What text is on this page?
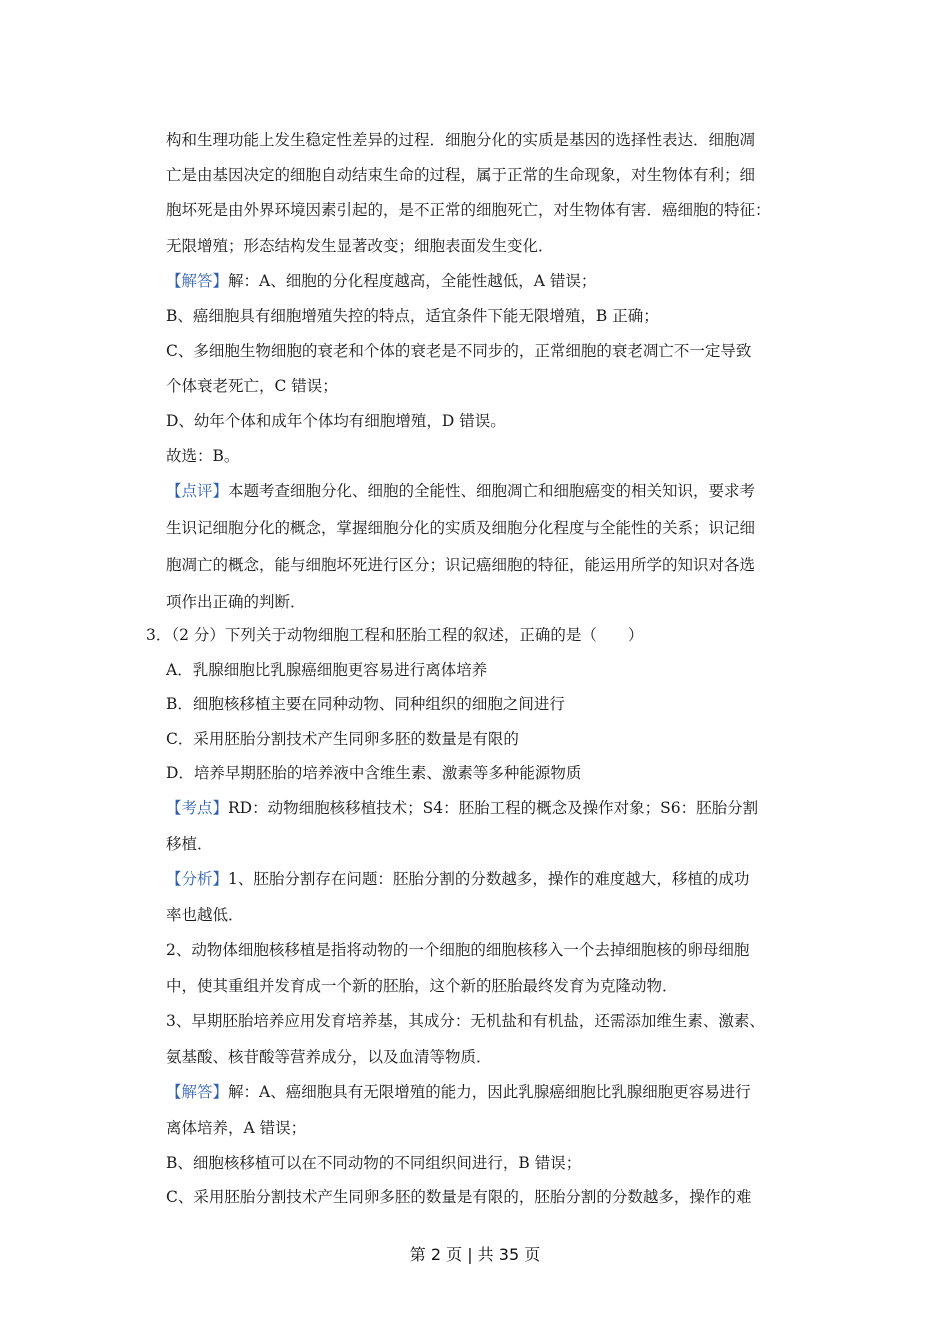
构和生理功能上发生稳定性差异的过程．细胞分化的实质是基因的选择性表达．细胞凋
亡是由基因决定的细胞自动结束生命的过程，属于正常的生命现象，对生物体有利；细
胞坏死是由外界环境因素引起的，是不正常的细胞死亡，对生物体有害．癌细胞的特征：
无限增殖；形态结构发生显著改变；细胞表面发生变化．
【解答】解：A、细胞的分化程度越高，全能性越低，A 错误；
B、癌细胞具有细胞增殖失控的特点，适宜条件下能无限增殖，B 正确；
C、多细胞生物细胞的衰老和个体的衰老是不同步的，正常细胞的衰老凋亡不一定导致
个体衰老死亡，C 错误；
D、幼年个体和成年个体均有细胞增殖，D 错误。
故选：B。
【点评】本题考查细胞分化、细胞的全能性、细胞凋亡和细胞癌变的相关知识，要求考
生识记细胞分化的概念，掌握细胞分化的实质及细胞分化程度与全能性的关系；识记细
胞凋亡的概念，能与细胞坏死进行区分；识记癌细胞的特征，能运用所学的知识对各选
项作出正确的判断．
3．（2 分）下列关于动物细胞工程和胚胎工程的叙述，正确的是（　　）
A．乳腺细胞比乳腺癌细胞更容易进行离体培养
B．细胞核移植主要在同种动物、同种组织的细胞之间进行
C．采用胚胎分割技术产生同卵多胚的数量是有限的
D．培养早期胚胎的培养液中含维生素、激素等多种能源物质
【考点】RD：动物细胞核移植技术；S4：胚胎工程的概念及操作对象；S6：胚胎分割
移植．
【分析】1、胚胎分割存在问题：胚胎分割的分数越多，操作的难度越大，移植的成功
率也越低．
2、动物体细胞核移植是指将动物的一个细胞的细胞核移入一个去掉细胞核的卵母细胞
中，使其重组并发育成一个新的胚胎，这个新的胚胎最终发育为克隆动物．
3、早期胚胎培养应用发育培养基，其成分：无机盐和有机盐，还需添加维生素、激素、
氨基酸、核苷酸等营养成分，以及血清等物质．
【解答】解：A、癌细胞具有无限增殖的能力，因此乳腺癌细胞比乳腺细胞更容易进行
离体培养，A 错误；
B、细胞核移植可以在不同动物的不同组织间进行，B 错误；
C、采用胚胎分割技术产生同卵多胚的数量是有限的，胚胎分割的分数越多，操作的难
第 2 页 | 共 35 页
